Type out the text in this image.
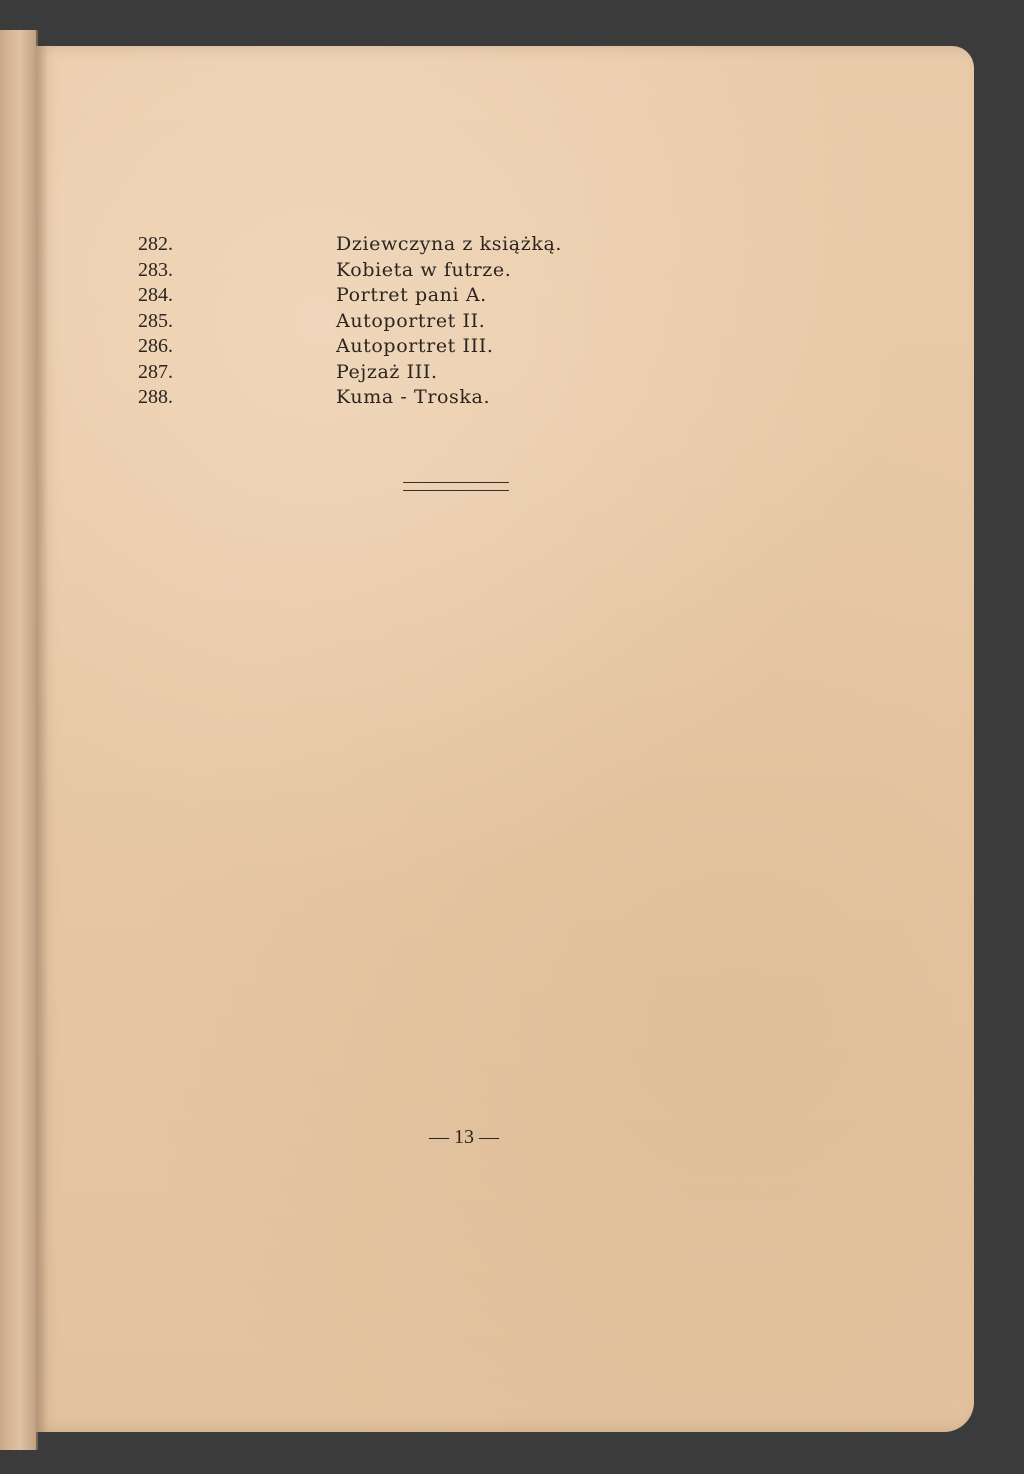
282.	Dziewczyna z książką.
283.	Kobieta w futrze.
284.	Portret pani A.
285.	Autoportret II.
286.	Autoportret III.
287.	Pejzaż III.
288.	Kuma - Troska.
— 13 —
